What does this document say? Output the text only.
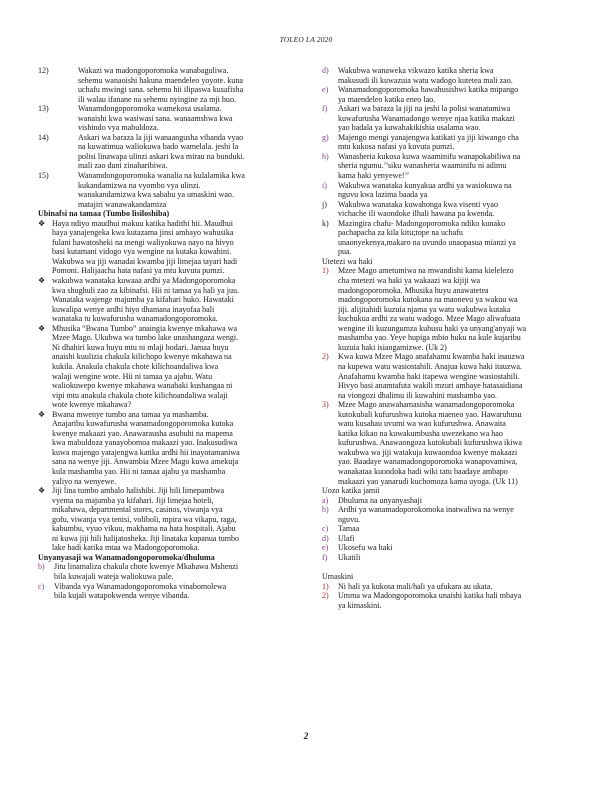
TOLEO LA 2020
12)	Wakazi wa madongoporomoka wanabaguliwa.
sehemu wanaoishi hakuna maendeleo yoyote. kuna
uchafu mwingi sana. sehemu hii ilipaswa kusafisha
ili walau ifanane na sehemu nyingine za mji huo.
13)	Wanamdongoporomoka wamekosa usalama.
wanaishi kwa wasiwasi sana. wanaamshwa kwa
vishindo vya mabuldoza.
14)	Askari wa baraza la jiji wanaangusha vibanda vyao
na kuwatimua waliokuwa bado wamelala. jeshi la
polisi linawapa ulinzi askari kwa mirau na bunduki.
mali zao duni zinaharibiwa.
15)	Wanamdongoporomoka wanalia na kulalamika kwa
kukandamizwa na vyombo vya ulinzi.
wanakandamizwa kwa sababu ya umaskini wao.
matajiri wanawakandamiza
Ubinafsi na tamaa (Tumbo lisiloshiba)
❖ Haya ndiyo maudhui makuu katika hadithi hii. Maudhui
haya yanajengeka kwa kutazama jinsi ambayo wahusika
fulani hawatosheki na mengi waliyokuwa nayo na hivyo
basi kutamani vidogo vya wengine na kutaka kuwahini.
Wakubwa wa jiji wanadai kwamba jiji limejaa tayari hadi
Pomoni. Halijaacha hata nafasi ya mtu kuvuta pumzi.
❖ wakubwa wanataka kuwaaa ardhi ya Madongoporomoka
kwa shughuli zao za kibinafsi. Hii ni tamaa ya hali ya juu.
Wanataka wajenge majumba ya kifahari huko. Hawataki
kuwalipa wenye ardhi hiyo dhamana inayofaa bali
wanataka tu kuwafurusha wanamadongoporomoka.
❖ Mhusika “Bwana Tumbo” anaingia kwenye mkahawa wa
Mzee Mago. Ukubwa wa tumbo lake unashangaza wengi.
Ni dhahiri kuwa huyu mtu ni mlaji hodari. Jamaa huyu
anaishi kuulizia chakula kilichopo kwenye mkahawa na
kukila. Anakula chakula chote kilichoandaliwa kwa
walaji wengine wote. Hii ni tamaa ya ajabu. Watu
waliokuwepo kwenye mkahawa wanabaki kushangaa ni
vipi mtu anakula chakula chote kilichoandaliwa walaji
wote kwenye mkahawa?
❖ Bwana mwenye tumbo ana tamaa ya mashamba.
Anajaribu kuwafurusha wanamadongoporomoka kutoka
kwenye makaazi yao. Anawarausha asubuhi na mapema
kwa mabuldoza yanayobomoa makaazi yao. Inakusudiwa
kuwa majengo yatajengwa katika ardhi hii inayotamaniwa
sana na wenye jiji. Anwambia Mzee Mago kuwa amekuja
kula mashamba yao. Hii ni tamaa ajabu ya mashamba
yaliyo na wenyewe.
❖ Jiji lina tumbo ambalo halishibi. Jiji hili limepambwa
vyema na majumba ya kifahari. Jiji limejaa hoteli,
mikahawa, departmental stores, casinos, viwanja vya
gofu, viwanja vya tenisi, voliboli, mpira wa vikapu, raga,
kabumbu, vyuo vikuu, makhama na hata hospitali. Ajabu
ni kuwa jiji hili halijatosheka. Jiji linataka kupanua tumbo
lake hadi katika mtaa wa Madongoporomoka.
Unyanyasaji wa Wanamadongoporomoka/dhuluma
b)	Jitu linamaliza chakula chote kwenye Mkahawa Mshenzi
bila kuwajali wateja waliokuwa pale.
c)	Vibanda vya Wanamadongoporomoka vinabomolewa
bila kujali watapokwenda wenye vibanda.
d)	Wakubwa wanaweka vikwazo katika sheria kwa
makusudi ili kuwazuia watu wadogo kutetea mali zao.
e)	Wanamadongoporomoka hawahusishwi katika mipango
ya maendeleo katika eneo lao.
f)	Askari wa baraza la jiji na jeshi la polisi wanatumiwa
kuwafurusha Wanamadongo wenye njaa katika makazi
yao badala ya kuwahakikishia usalama wao.
g)	Majengo mengi yanajengwa katikati ya jiji kiwango cha
mtu kukosa nafasi ya kuvuta pumzi.
h)	Wanasheria kukosa kuwa waaminifu wanapokabiliwa na
sheria ngumu.’’siku wanasheria waaminifu ni adimu
kama haki yenyewe!’’
i)	Wakubwa wanataka kunyakua ardhi ya wasiokuwa na
nguvu kwa lazima baada ya
j)	Wakubwa wanataka kuwahonga kwa visenti vyao
vichache ili waondoke ilhali hawana pa kwenda.
k)	Mazingira chafu- Madongoporomoka ndiko kunako
pachapacha za kila kitu;tope na uchafu
unaonyekenya,makaro na uvundo unaopasua mianzi ya
pua.
Utetezi wa haki
1)	Mzee Mago ametumiwa na mwandishi kama kielelezo
cha mtetezi wa haki ya wakaazi wa kijiji wa
madongoporomoka. Mhusika huyu anawatetea
madongoporomoka kutokana na maonevu ya wakuu wa
jiji. alijitahidi kuzuia njama ya watu wakubwa kutaka
kuchukua ardhi za watu wadogo. Mzee Mago aliwafuata
wengine ili kuzungumza kuhusu haki ya unyang'anyaji wa
mashamba yao. Yeye hupiga mbio huku na kule kujaribu
kuzuia haki isiangamizwe. (Uk 2)
2)	Kwa kuwa Mzee Mago anafahamu kwamba haki inauzwa
na kupewa watu wasiostahili. Anajua kuwa haki itauzwa.
Anafahamu kwamba haki itapewa wengine wasiostahili.
Hivyo basi anamtafuta wakili mzuri ambaye hatasaidiana
na viongozi dhalimu ili kuwahini mashamba yao.
3)	Mzee Mago anawahamasisha wanamadongoporomoka
kutokubali kufurushwa kutoka maeneo yao. Hawaruhusu
watu kusahau uvumi wa wao kufurushwa. Anawaita
katika kikao na kuwakumbusha uwezekano wa hao
kufurushwa. Anawaongoza kutokubali kufurushwa ikiwa
wakubwa wa jiji watakuja kuwaondoa kwenye makaazi
yao. Baadaye wanamadongoporomoka wanapovamiwa,
wanakataa kuondoka hadi wiki tatu baadaye ambapo
makaazi yao yanarudi kuchomoza kama uyoga. (Uk 11)
Uozo katika jamii
a)	Dhuluma na unyanyashaji
b)	Ardhi ya wanamadoporokomoka inatwaliwa na wenye
nguvu.
c)	Tamaa
d)	Ulafi
e)	Ukosefu wa haki
f)	Ukatili
Umaskini
1)	Ni hali ya kukosa mali/hali ya ufukara au ukata.
2)	Umma wa Madongoporomoka unaishi katika hali mbaya
ya kimaskini.
2
